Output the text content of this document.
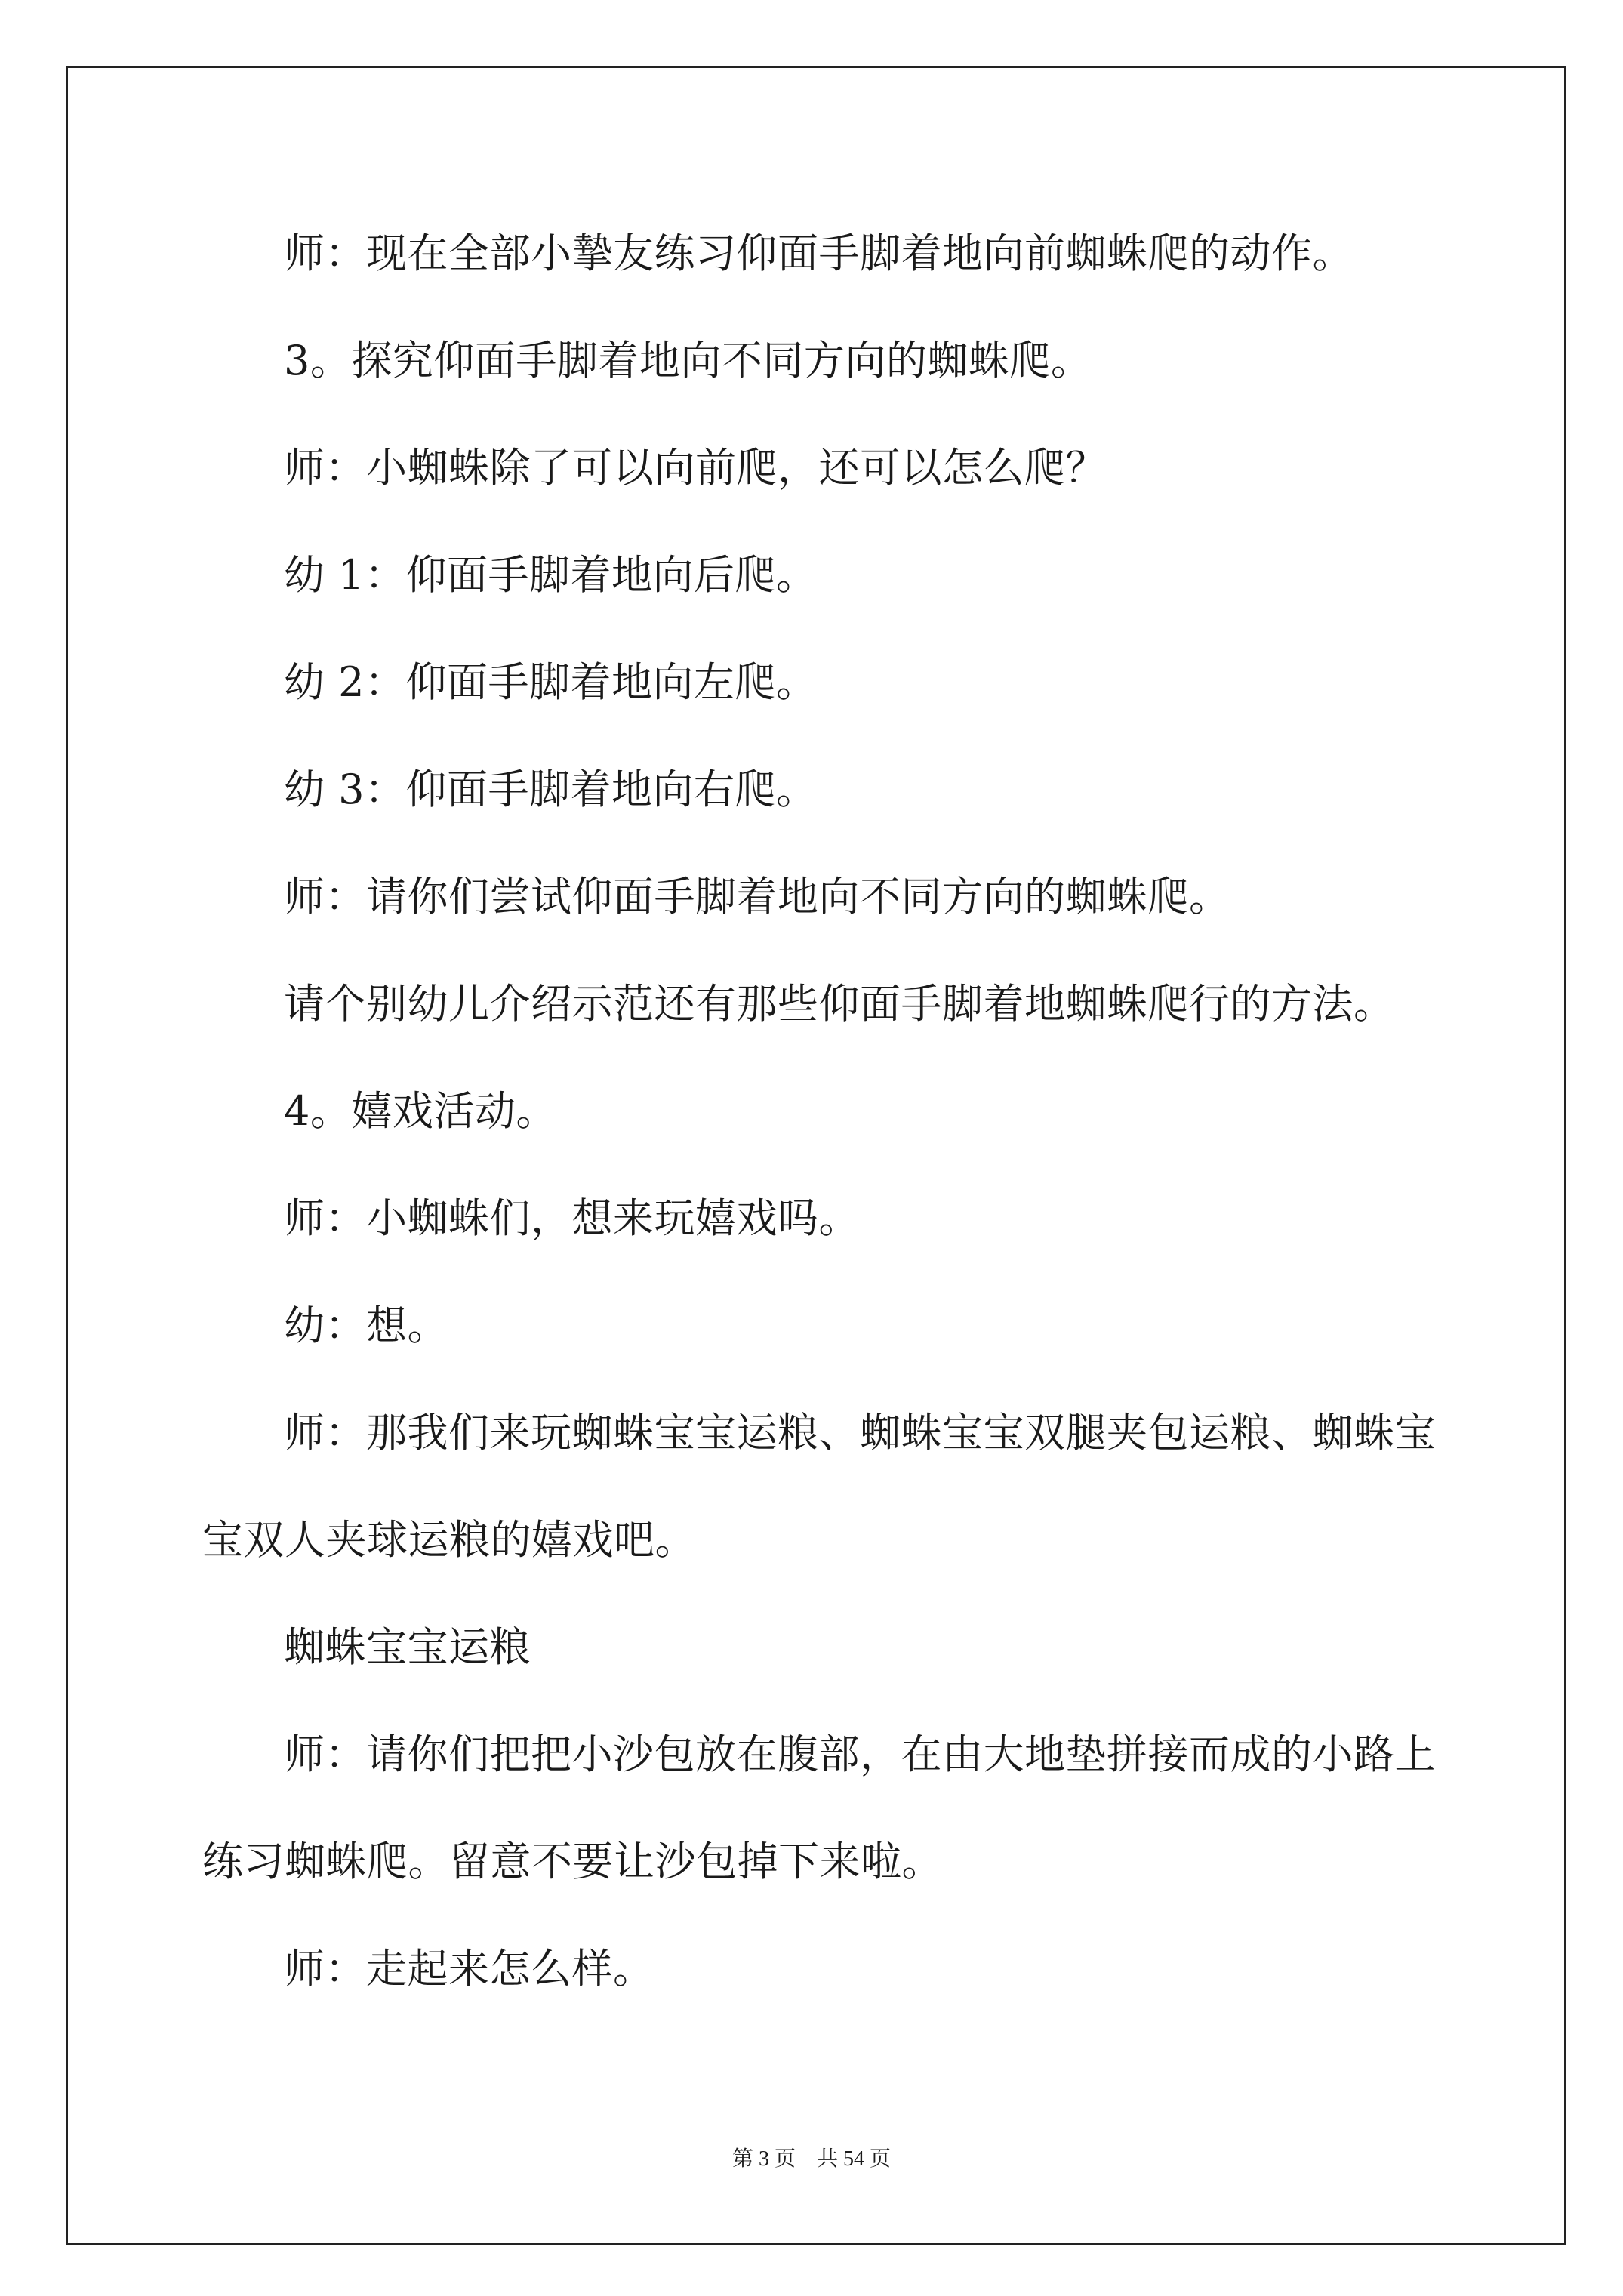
师：现在全部小摯友练习仰面手脚着地向前蜘蛛爬的动作。

3。探究仰面手脚着地向不同方向的蜘蛛爬。

师：小蜘蛛除了可以向前爬，还可以怎么爬？

幼 1：仰面手脚着地向后爬。

幼 2：仰面手脚着地向左爬。

幼 3：仰面手脚着地向右爬。

师：请你们尝试仰面手脚着地向不同方向的蜘蛛爬。

请个别幼儿介绍示范还有那些仰面手脚着地蜘蛛爬行的方法。

4。嬉戏活动。

师：小蜘蛛们，想来玩嬉戏吗。

幼：想。

师：那我们来玩蜘蛛宝宝运粮、蜘蛛宝宝双腿夹包运粮、蜘蛛宝
宝双人夹球运粮的嬉戏吧。

蜘蛛宝宝运粮

师：请你们把把小沙包放在腹部，在由大地垫拼接而成的小路上
练习蜘蛛爬。留意不要让沙包掉下来啦。

师：走起来怎么样。

第 3 页　共 54 页
